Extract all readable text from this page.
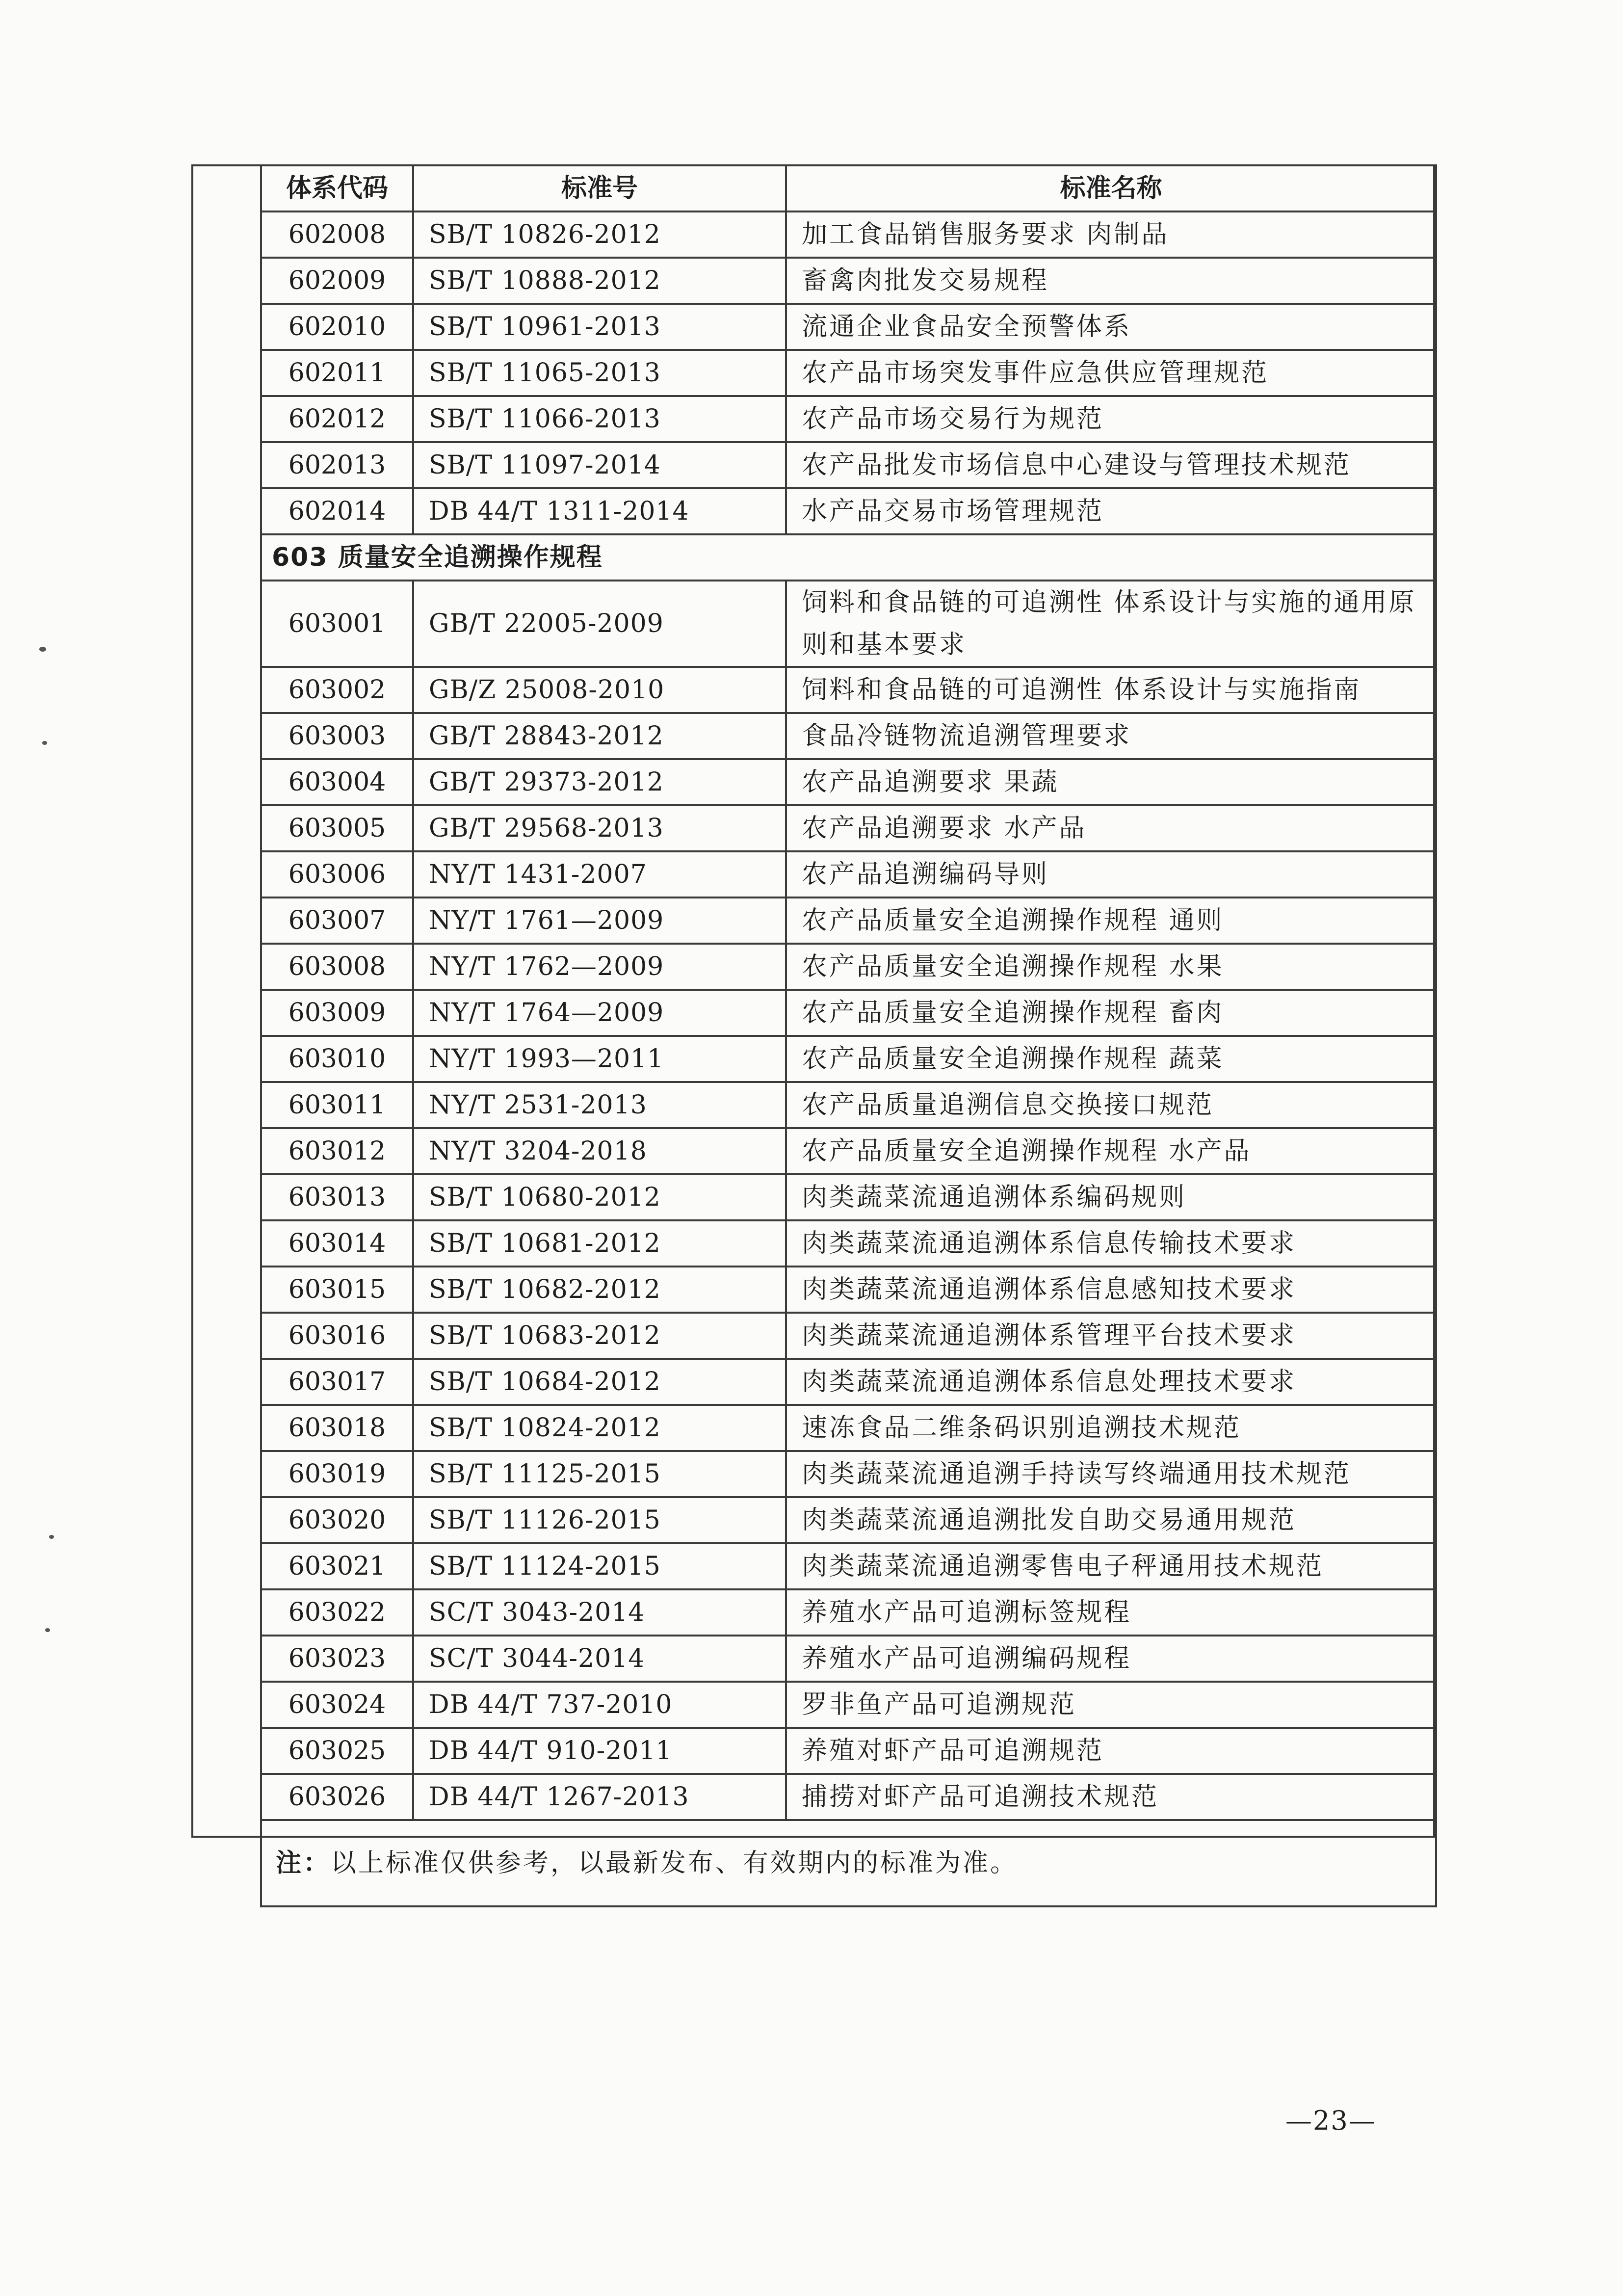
体系代码	标准号	标准名称
602008	SB/T 10826-2012	加工食品销售服务要求 肉制品
602009	SB/T 10888-2012	畜禽肉批发交易规程
602010	SB/T 10961-2013	流通企业食品安全预警体系
602011	SB/T 11065-2013	农产品市场突发事件应急供应管理规范
602012	SB/T 11066-2013	农产品市场交易行为规范
602013	SB/T 11097-2014	农产品批发市场信息中心建设与管理技术规范
602014	DB 44/T 1311-2014	水产品交易市场管理规范
603 质量安全追溯操作规程		
603001	GB/T 22005-2009	饲料和食品链的可追溯性 体系设计与实施的通用原则和基本要求
603002	GB/Z 25008-2010	饲料和食品链的可追溯性 体系设计与实施指南
603003	GB/T 28843-2012	食品冷链物流追溯管理要求
603004	GB/T 29373-2012	农产品追溯要求 果蔬
603005	GB/T 29568-2013	农产品追溯要求 水产品
603006	NY/T 1431-2007	农产品追溯编码导则
603007	NY/T 1761—2009	农产品质量安全追溯操作规程 通则
603008	NY/T 1762—2009	农产品质量安全追溯操作规程 水果
603009	NY/T 1764—2009	农产品质量安全追溯操作规程 畜肉
603010	NY/T 1993—2011	农产品质量安全追溯操作规程 蔬菜
603011	NY/T 2531-2013	农产品质量追溯信息交换接口规范
603012	NY/T 3204-2018	农产品质量安全追溯操作规程 水产品
603013	SB/T 10680-2012	肉类蔬菜流通追溯体系编码规则
603014	SB/T 10681-2012	肉类蔬菜流通追溯体系信息传输技术要求
603015	SB/T 10682-2012	肉类蔬菜流通追溯体系信息感知技术要求
603016	SB/T 10683-2012	肉类蔬菜流通追溯体系管理平台技术要求
603017	SB/T 10684-2012	肉类蔬菜流通追溯体系信息处理技术要求
603018	SB/T 10824-2012	速冻食品二维条码识别追溯技术规范
603019	SB/T 11125-2015	肉类蔬菜流通追溯手持读写终端通用技术规范
603020	SB/T 11126-2015	肉类蔬菜流通追溯批发自助交易通用规范
603021	SB/T 11124-2015	肉类蔬菜流通追溯零售电子秤通用技术规范
603022	SC/T 3043-2014	养殖水产品可追溯标签规程
603023	SC/T 3044-2014	养殖水产品可追溯编码规程
603024	DB 44/T 737-2010	罗非鱼产品可追溯规范
603025	DB 44/T 910-2011	养殖对虾产品可追溯规范
603026	DB 44/T 1267-2013	捕捞对虾产品可追溯技术规范
注：以上标准仅供参考，以最新发布、有效期内的标准为准。		
—23—
